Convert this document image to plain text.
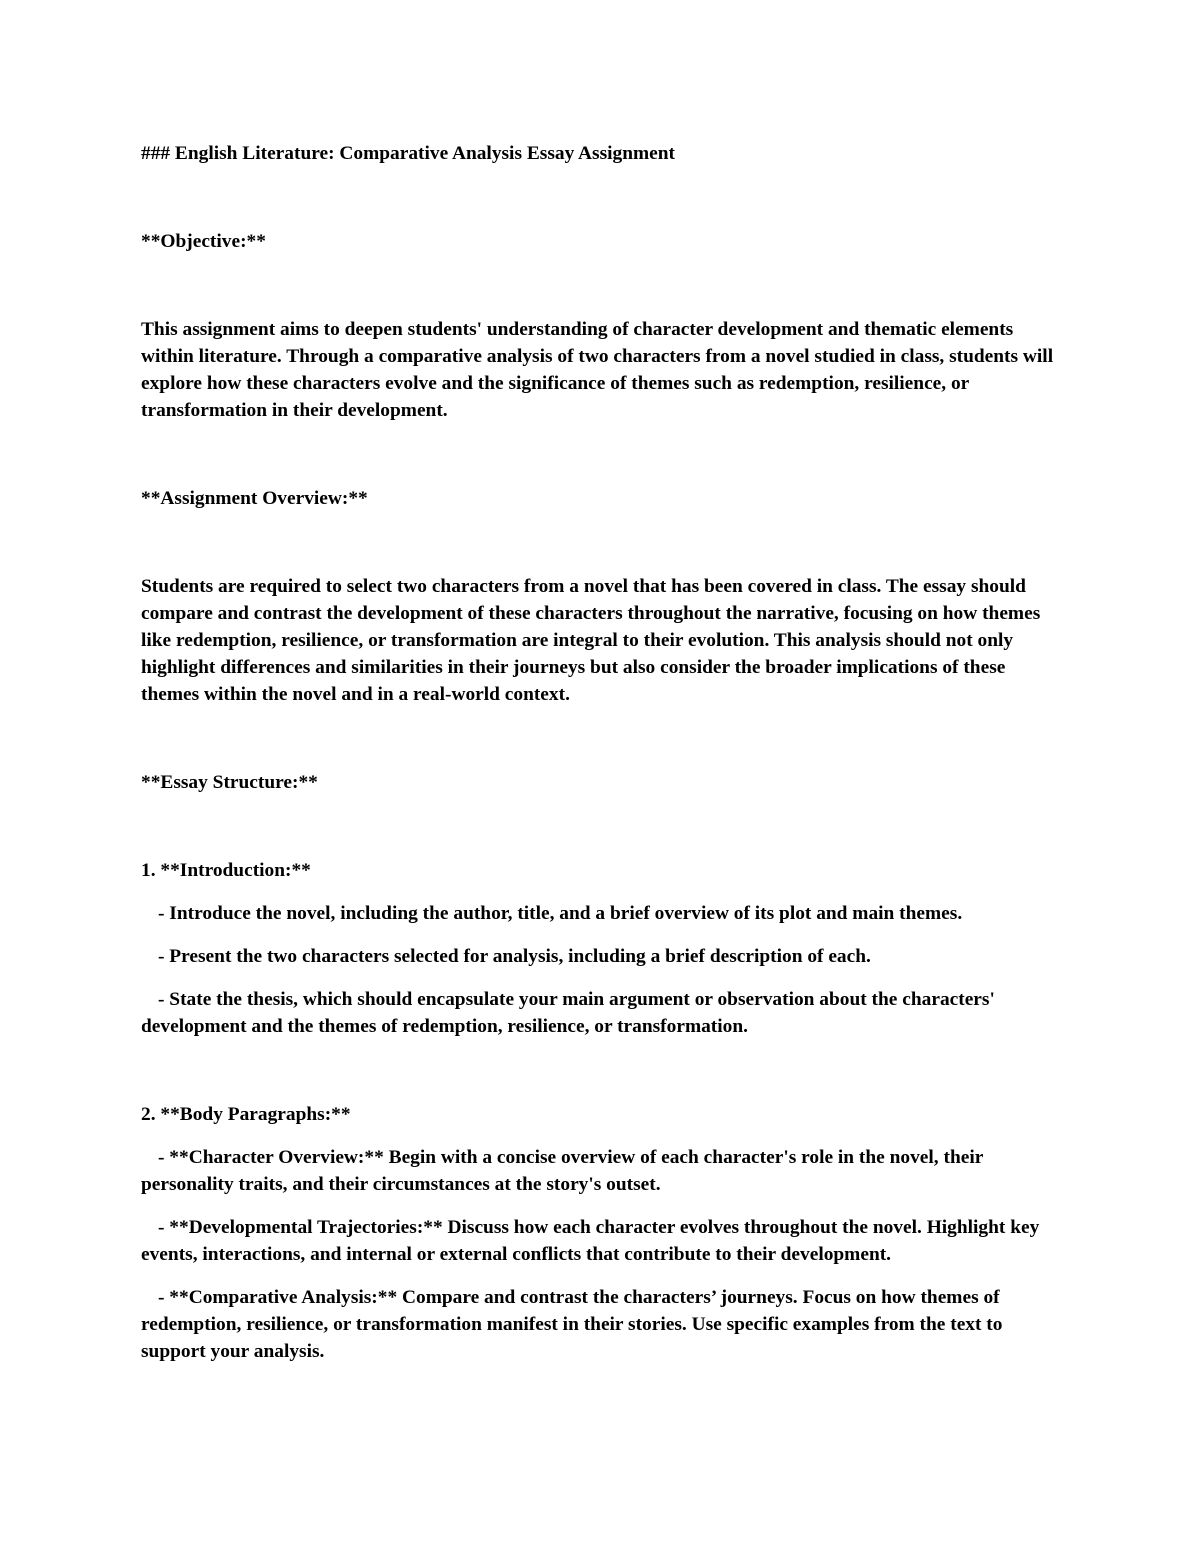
### English Literature: Comparative Analysis Essay Assignment

**Objective:**

This assignment aims to deepen students' understanding of character development and thematic elements within literature. Through a comparative analysis of two characters from a novel studied in class, students will explore how these characters evolve and the significance of themes such as redemption, resilience, or transformation in their development.

**Assignment Overview:**

Students are required to select two characters from a novel that has been covered in class. The essay should compare and contrast the development of these characters throughout the narrative, focusing on how themes like redemption, resilience, or transformation are integral to their evolution. This analysis should not only highlight differences and similarities in their journeys but also consider the broader implications of these themes within the novel and in a real-world context.

**Essay Structure:**

1. **Introduction:**

- Introduce the novel, including the author, title, and a brief overview of its plot and main themes.

- Present the two characters selected for analysis, including a brief description of each.

- State the thesis, which should encapsulate your main argument or observation about the characters' development and the themes of redemption, resilience, or transformation.

2. **Body Paragraphs:**

- **Character Overview:** Begin with a concise overview of each character's role in the novel, their personality traits, and their circumstances at the story's outset.

- **Developmental Trajectories:** Discuss how each character evolves throughout the novel. Highlight key events, interactions, and internal or external conflicts that contribute to their development.

- **Comparative Analysis:** Compare and contrast the characters’ journeys. Focus on how themes of redemption, resilience, or transformation manifest in their stories. Use specific examples from the text to support your analysis.
